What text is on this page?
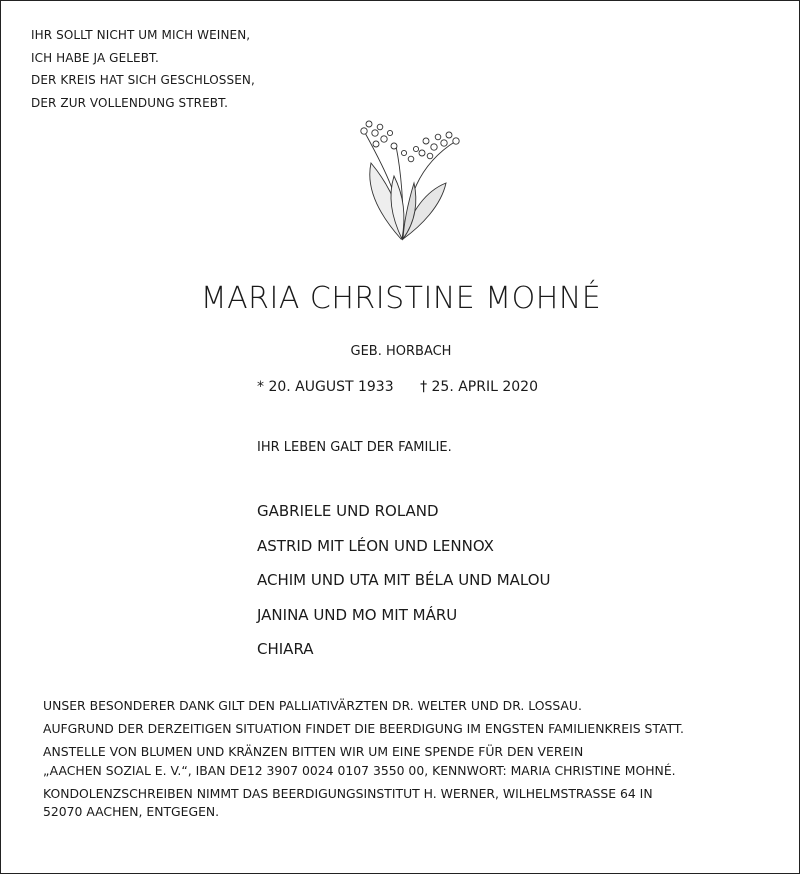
IHR SOLLT NICHT UM MICH WEINEN,
ICH HABE JA GELEBT.
DER KREIS HAT SICH GESCHLOSSEN,
DER ZUR VOLLENDUNG STREBT.
MARIA CHRISTINE MOHNÉ
GEB. HORBACH
* 20. AUGUST 1933 † 25. APRIL 2020
IHR LEBEN GALT DER FAMILIE.
GABRIELE UND ROLAND
ASTRID MIT LÉON UND LENNOX
ACHIM UND UTA MIT BÉLA UND MALOU
JANINA UND MO MIT MÁRU
CHIARA

UNSER BESONDERER DANK GILT DEN PALLIATIVÄRZTEN DR. WELTER UND DR. LOSSAU.

AUFGRUND DER DERZEITIGEN SITUATION FINDET DIE BEERDIGUNG IM ENGSTEN FAMILIENKREIS STATT.

ANSTELLE VON BLUMEN UND KRÄNZEN BITTEN WIR UM EINE SPENDE FÜR DEN VEREIN
„AACHEN SOZIAL E. V.“, IBAN DE12 3907 0024 0107 3550 00, KENNWORT: MARIA CHRISTINE MOHNÉ.

KONDOLENZSCHREIBEN NIMMT DAS BEERDIGUNGSINSTITUT H. WERNER, WILHELMSTRASSE 64 IN
52070 AACHEN, ENTGEGEN.
